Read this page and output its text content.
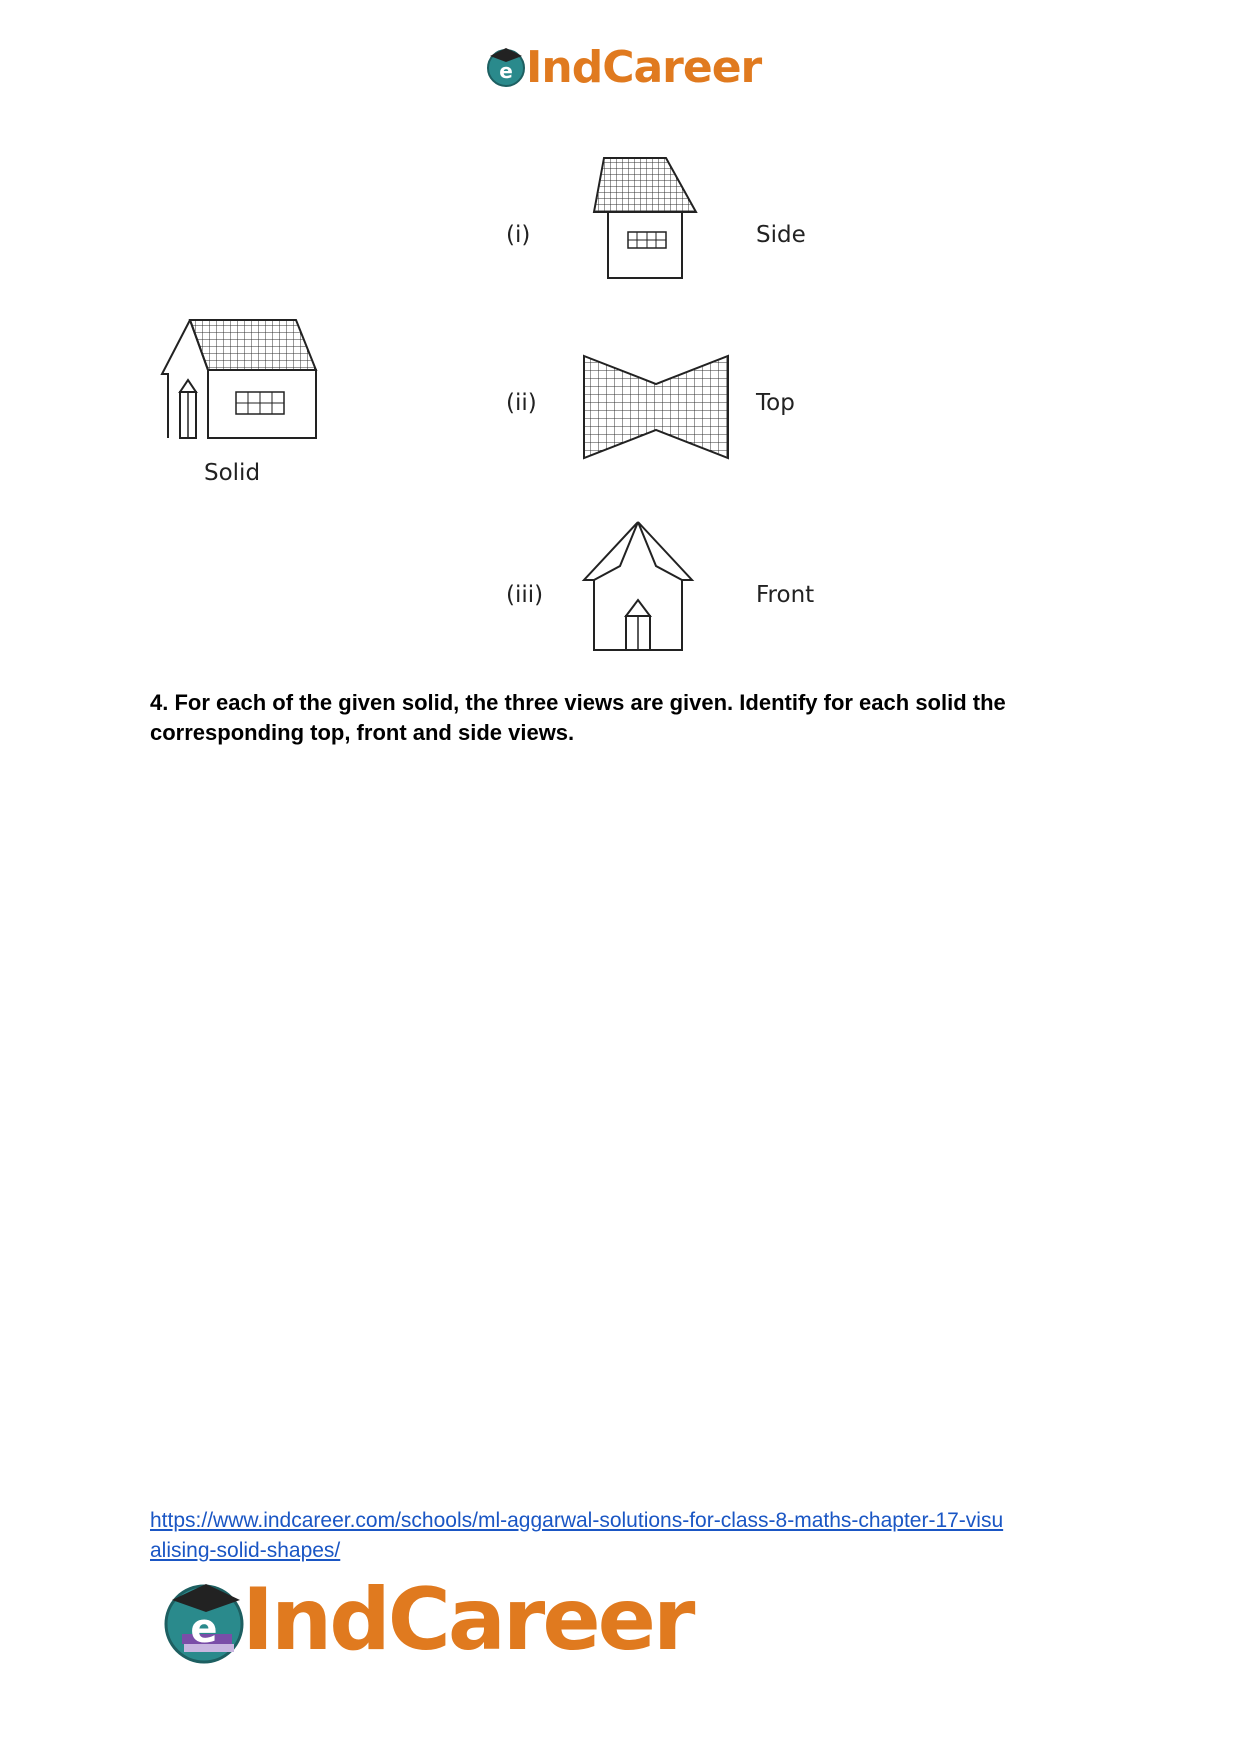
e IndCareer
Solid
(i)	Side
(ii)	Top
(iii)	Front
4. For each of the given solid, the three views are given. Identify for each solid the
corresponding top, front and side views.
https://www.indcareer.com/schools/ml-aggarwal-solutions-for-class-8-maths-chapter-17-visu
alising-solid-shapes/
e IndCareer
